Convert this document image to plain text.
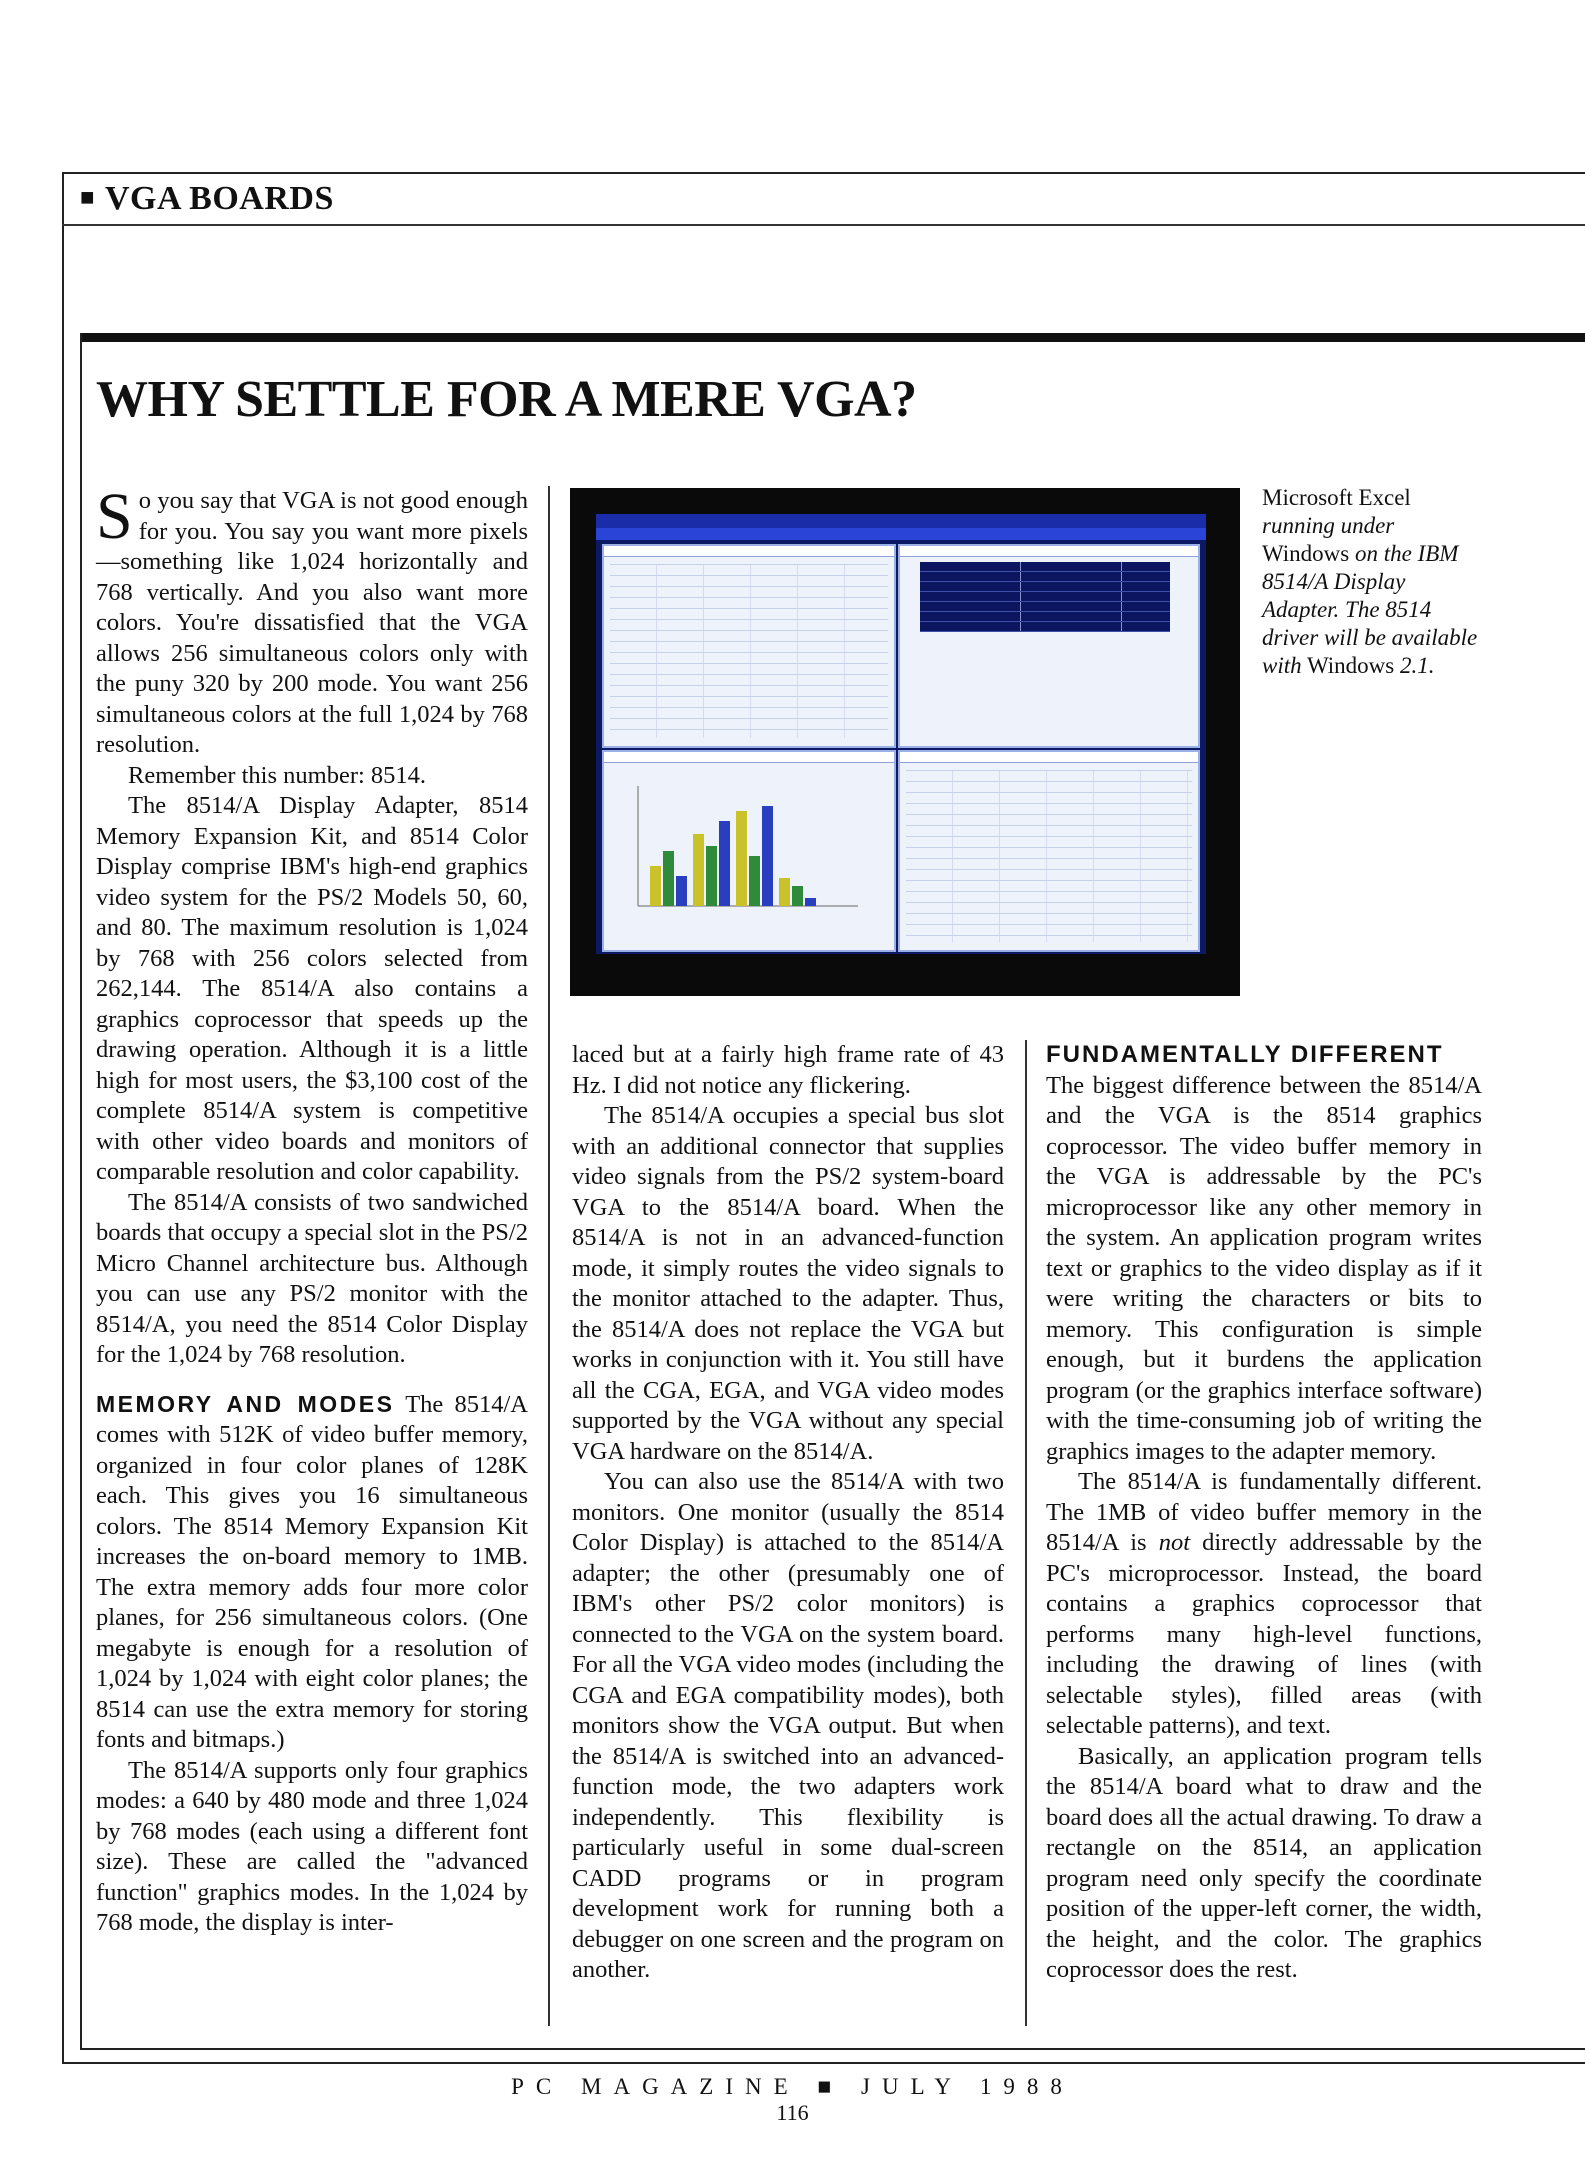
■ VGA BOARDS
WHY SETTLE FOR A MERE VGA?

So you say that VGA is not good enough for you. You say you want more pixels—something like 1,024 horizontally and 768 vertically. And you also want more colors. You're dissatisfied that the VGA allows 256 simultaneous colors only with the puny 320 by 200 mode. You want 256 simultaneous colors at the full 1,024 by 768 resolution.

Remember this number: 8514.

The 8514/A Display Adapter, 8514 Memory Expansion Kit, and 8514 Color Display comprise IBM's high-end graphics video system for the PS/2 Models 50, 60, and 80. The maximum resolution is 1,024 by 768 with 256 colors selected from 262,144. The 8514/A also contains a graphics coprocessor that speeds up the drawing operation. Although it is a little high for most users, the $3,100 cost of the complete 8514/A system is competitive with other video boards and monitors of comparable resolution and color capability.

The 8514/A consists of two sandwiched boards that occupy a special slot in the PS/2 Micro Channel architecture bus. Although you can use any PS/2 monitor with the 8514/A, you need the 8514 Color Display for the 1,024 by 768 resolution.

MEMORY AND MODES The 8514/A comes with 512K of video buffer memory, organized in four color planes of 128K each. This gives you 16 simultaneous colors. The 8514 Memory Expansion Kit increases the on-board memory to 1MB. The extra memory adds four more color planes, for 256 simultaneous colors. (One megabyte is enough for a resolution of 1,024 by 1,024 with eight color planes; the 8514 can use the extra memory for storing fonts and bitmaps.)

The 8514/A supports only four graphics modes: a 640 by 480 mode and three 1,024 by 768 modes (each using a different font size). These are called the "advanced function" graphics modes. In the 1,024 by 768 mode, the display is inter-

Microsoft Excel
running under
Windows on the IBM 8514/A Display Adapter. The 8514 driver will be available with Windows 2.1.

laced but at a fairly high frame rate of 43 Hz. I did not notice any flickering.

The 8514/A occupies a special bus slot with an additional connector that supplies video signals from the PS/2 system-board VGA to the 8514/A board. When the 8514/A is not in an advanced-function mode, it simply routes the video signals to the monitor attached to the adapter. Thus, the 8514/A does not replace the VGA but works in conjunction with it. You still have all the CGA, EGA, and VGA video modes supported by the VGA without any special VGA hardware on the 8514/A.

You can also use the 8514/A with two monitors. One monitor (usually the 8514 Color Display) is attached to the 8514/A adapter; the other (presumably one of IBM's other PS/2 color monitors) is connected to the VGA on the system board. For all the VGA video modes (including the CGA and EGA compatibility modes), both monitors show the VGA output. But when the 8514/A is switched into an advanced-function mode, the two adapters work independently. This flexibility is particularly useful in some dual-screen CADD programs or in program development work for running both a debugger on one screen and the program on another.

FUNDAMENTALLY DIFFERENT

The biggest difference between the 8514/A and the VGA is the 8514 graphics coprocessor. The video buffer memory in the VGA is addressable by the PC's microprocessor like any other memory in the system. An application program writes text or graphics to the video display as if it were writing the characters or bits to memory. This configuration is simple enough, but it burdens the application program (or the graphics interface software) with the time-consuming job of writing the graphics images to the adapter memory.

The 8514/A is fundamentally different. The 1MB of video buffer memory in the 8514/A is not directly addressable by the PC's microprocessor. Instead, the board contains a graphics coprocessor that performs many high-level functions, including the drawing of lines (with selectable styles), filled areas (with selectable patterns), and text.

Basically, an application program tells the 8514/A board what to draw and the board does all the actual drawing. To draw a rectangle on the 8514, an application program need only specify the coordinate position of the upper-left corner, the width, the height, and the color. The graphics coprocessor does the rest.

PC MAGAZINE ■ JULY 1988
116
